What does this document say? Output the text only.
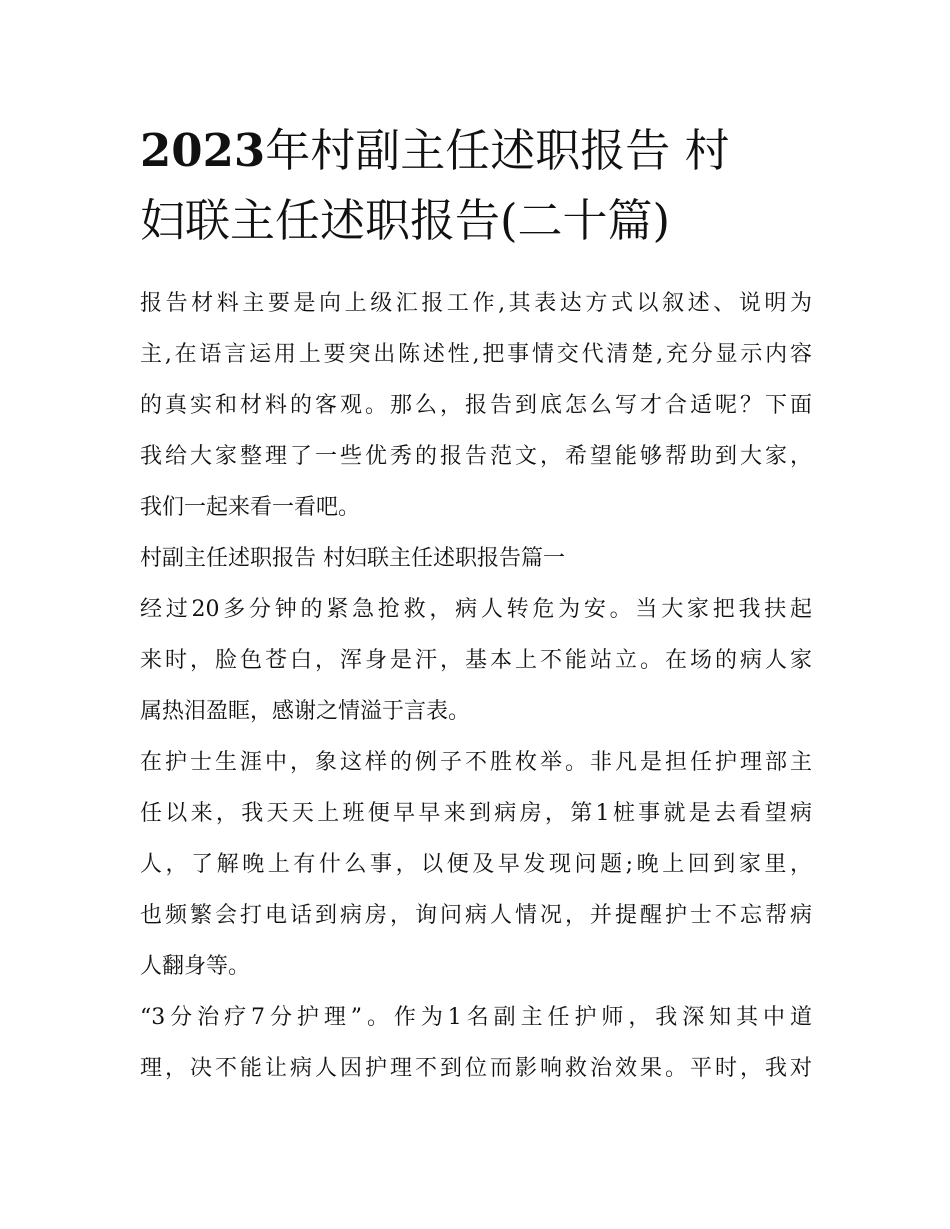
2023年村副主任述职报告 村
妇联主任述职报告(二十篇)
报告材料主要是向上级汇报工作,其表达方式以叙述、说明为
主,在语言运用上要突出陈述性,把事情交代清楚,充分显示内容
的真实和材料的客观。那么，报告到底怎么写才合适呢？下面
我给大家整理了一些优秀的报告范文，希望能够帮助到大家，
我们一起来看一看吧。
村副主任述职报告 村妇联主任述职报告篇一
经过20多分钟的紧急抢救，病人转危为安。当大家把我扶起
来时，脸色苍白，浑身是汗，基本上不能站立。在场的病人家
属热泪盈眶，感谢之情溢于言表。
在护士生涯中，象这样的例子不胜枚举。非凡是担任护理部主
任以来，我天天上班便早早来到病房，第1桩事就是去看望病
人，了解晚上有什么事，以便及早发现问题;晚上回到家里，
也频繁会打电话到病房，询问病人情况，并提醒护士不忘帮病
人翻身等。
“3分治疗7分护理”。作为1名副主任护师，我深知其中道
理，决不能让病人因护理不到位而影响救治效果。平时，我对
